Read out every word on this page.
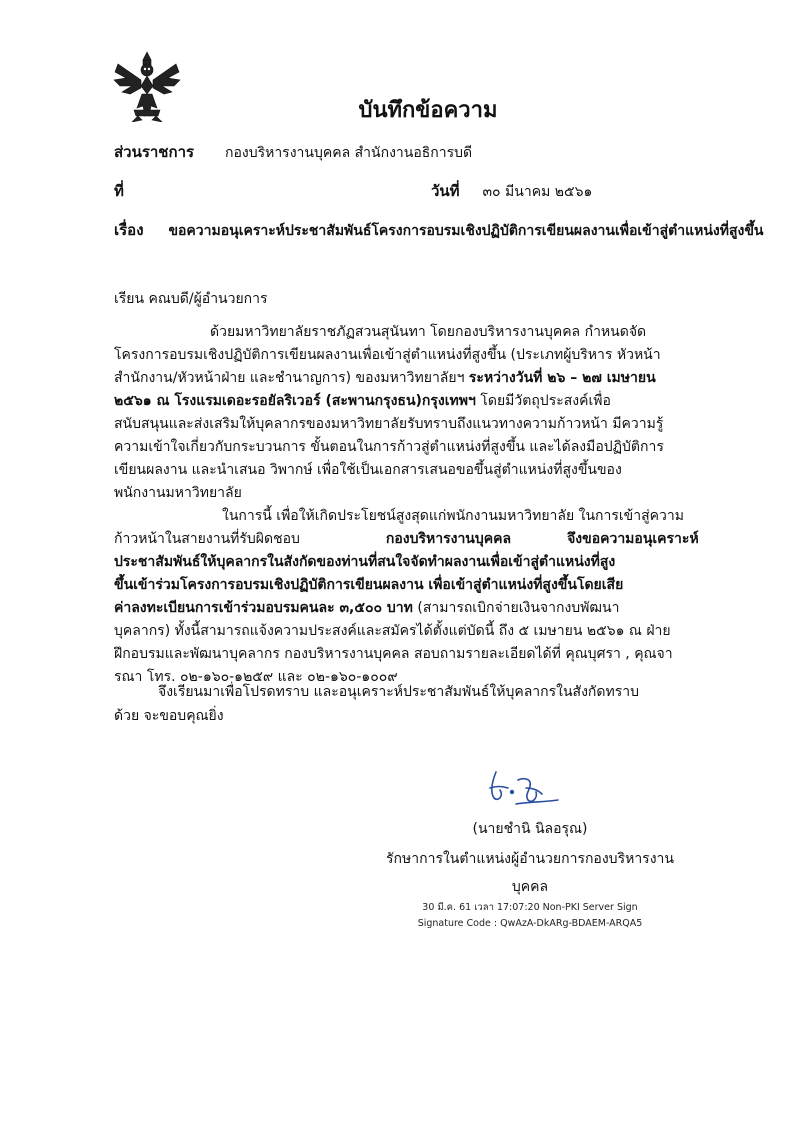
บันทึกข้อความ
ส่วนราชการ กองบริหารงานบุคคล สำนักงานอธิการบดี
ที่	วันที่ ๓๐ มีนาคม ๒๕๖๑
เรื่อง ขอความอนุเคราะห์ประชาสัมพันธ์โครงการอบรมเชิงปฏิบัติการเขียนผลงานเพื่อเข้าสู่ตำแหน่งที่สูงขึ้น
เรียน คณบดี/ผู้อำนวยการ
ด้วยมหาวิทยาลัยราชภัฏสวนสุนันทา โดยกองบริหารงานบุคคล กำหนดจัด
โครงการอบรมเชิงปฏิบัติการเขียนผลงานเพื่อเข้าสู่ตำแหน่งที่สูงขึ้น (ประเภทผู้บริหาร หัวหน้า
สำนักงาน/หัวหน้าฝ่าย และชำนาญการ) ของมหาวิทยาลัยฯ ระหว่างวันที่ ๒๖ – ๒๗ เมษายน
๒๕๖๑ ณ โรงแรมเดอะรอยัลริเวอร์ (สะพานกรุงธน)กรุงเทพฯ โดยมีวัตถุประสงค์เพื่อ
สนับสนุนและส่งเสริมให้บุคลากรของมหาวิทยาลัยรับทราบถึงแนวทางความก้าวหน้า มีความรู้
ความเข้าใจเกี่ยวกับกระบวนการ ขั้นตอนในการก้าวสู่ตำแหน่งที่สูงขึ้น และได้ลงมือปฏิบัติการ
เขียนผลงาน และนำเสนอ วิพากษ์ เพื่อใช้เป็นเอกสารเสนอขอขึ้นสู่ตำแหน่งที่สูงขึ้นของ
พนักงานมหาวิทยาลัย
ในการนี้ เพื่อให้เกิดประโยชน์สูงสุดแก่พนักงานมหาวิทยาลัย ในการเข้าสู่ความ
ก้าวหน้าในสายงานที่รับผิดชอบ	กองบริหารงานบุคคล	จึงขอความอนุเคราะห์
ประชาสัมพันธ์ให้บุคลากรในสังกัดของท่านที่สนใจจัดทำผลงานเพื่อเข้าสู่ตำแหน่งที่สูง
ขึ้นเข้าร่วมโครงการอบรมเชิงปฏิบัติการเขียนผลงาน เพื่อเข้าสู่ตำแหน่งที่สูงขึ้นโดยเสีย
ค่าลงทะเบียนการเข้าร่วมอบรมคนละ ๓,๕๐๐ บาท (สามารถเบิกจ่ายเงินจากงบพัฒนา
บุคลากร) ทั้งนี้สามารถแจ้งความประสงค์และสมัครได้ตั้งแต่บัดนี้ ถึง ๕ เมษายน ๒๕๖๑ ณ ฝ่าย
ฝึกอบรมและพัฒนาบุคลากร กองบริหารงานบุคคล สอบถามรายละเอียดได้ที่ คุณบุศรา , คุณจา
รณา โทร. ๐๒-๑๖๐-๑๒๕๙ และ ๐๒-๑๖๐-๑๐๐๙
จึงเรียนมาเพื่อโปรดทราบ และอนุเคราะห์ประชาสัมพันธ์ให้บุคลากรในสังกัดทราบ
ด้วย จะขอบคุณยิ่ง
(นายชำนิ นิลอรุณ)
รักษาการในตำแหน่งผู้อำนวยการกองบริหารงาน
บุคคล
30 มี.ค. 61 เวลา 17:07:20 Non-PKI Server Sign
Signature Code : QwAzA-DkARg-BDAEM-ARQA5
